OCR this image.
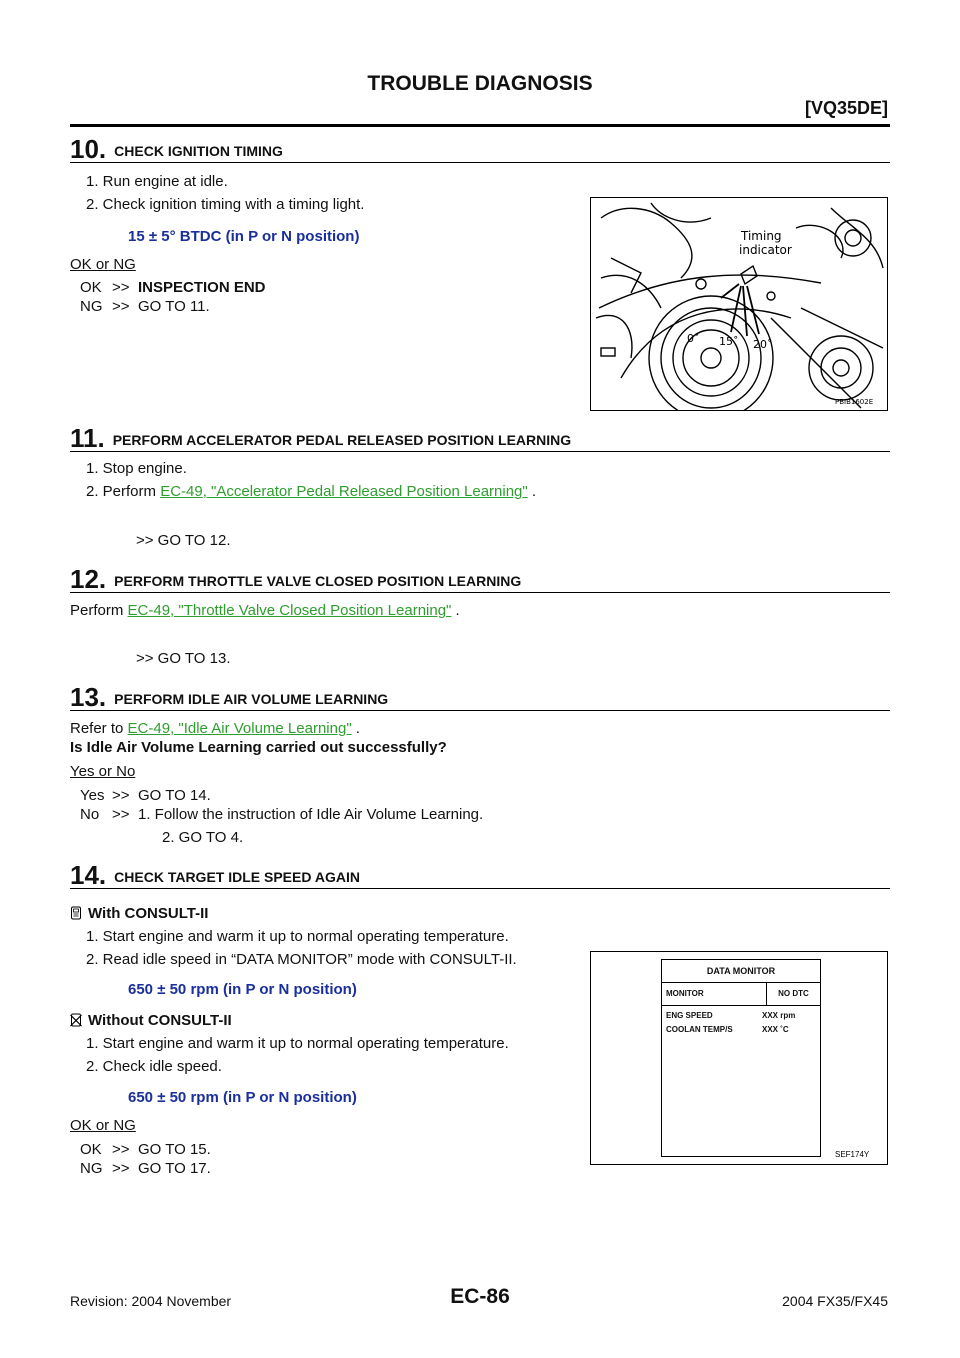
TROUBLE DIAGNOSIS
[VQ35DE]
10. CHECK IGNITION TIMING
1. Run engine at idle.
2. Check ignition timing with a timing light.
15 ± 5° BTDC (in P or N position)
OK or NG
OK >> INSPECTION END
NG >> GO TO 11.
Timing
indicator
0˚ 15˚ 20˚
PBIB1602E
11. PERFORM ACCELERATOR PEDAL RELEASED POSITION LEARNING
1. Stop engine.
2. Perform EC-49, "Accelerator Pedal Released Position Learning" .
>> GO TO 12.
12. PERFORM THROTTLE VALVE CLOSED POSITION LEARNING
Perform EC-49, "Throttle Valve Closed Position Learning" .
>> GO TO 13.
13. PERFORM IDLE AIR VOLUME LEARNING
Refer to EC-49, "Idle Air Volume Learning" .
Is Idle Air Volume Learning carried out successfully?
Yes or No
Yes >> GO TO 14.
No >> 1. Follow the instruction of Idle Air Volume Learning.
2. GO TO 4.
14. CHECK TARGET IDLE SPEED AGAIN
With CONSULT-II
1. Start engine and warm it up to normal operating temperature.
2. Read idle speed in “DATA MONITOR” mode with CONSULT-II.
650 ± 50 rpm (in P or N position)
Without CONSULT-II
1. Start engine and warm it up to normal operating temperature.
2. Check idle speed.
650 ± 50 rpm (in P or N position)
OK or NG
OK >> GO TO 15.
NG >> GO TO 17.
DATA MONITOR
MONITOR	NO DTC
ENG SPEED	XXX rpm
COOLAN TEMP/S	XXX ˚C
SEF174Y
Revision: 2004 November	EC-86	2004 FX35/FX45
